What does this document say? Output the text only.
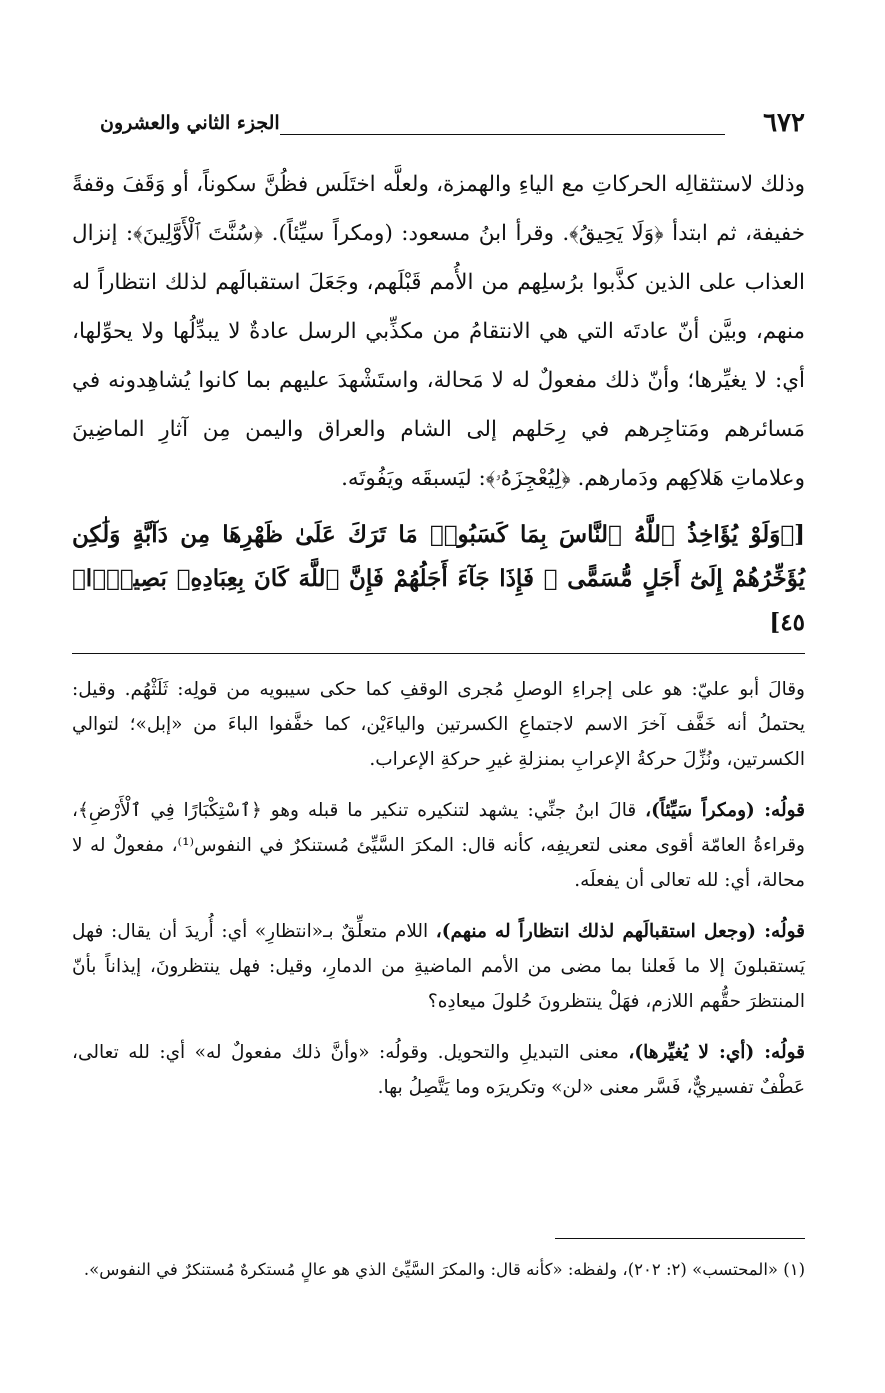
٦٧٢
الجزء الثاني والعشرون

وذلك لاستثقالِه الحركاتِ مع الياءِ والهمزة، ولعلَّه اختَلَس فظُنَّ سكوناً، أو وَقَفَ وقفةً خفيفة، ثم ابتدأ ﴿وَلَا يَحِيقُ﴾. وقرأ ابنُ مسعود: (ومكراً سيِّئاً). ﴿سُنَّتَ ٱلْأَوَّلِينَ﴾: إنزال العذاب على الذين كذَّبوا برُسلِهم من الأُمم قَبْلَهم، وجَعَلَ استقبالَهم لذلك انتظاراً له منهم، وبيَّن أنّ عادتَه التي هي الانتقامُ من مكذِّبي الرسل عادةٌ لا يبدِّلُها ولا يحوِّلها، أي: لا يغيِّرها؛ وأنّ ذلك مفعولٌ له لا مَحالة، واستَشْهدَ عليهم بما كانوا يُشاهِدونه في مَسائرهم ومَتاجِرهم في رِحَلهم إلى الشام والعراق واليمن مِن آثارِ الماضِينَ وعلاماتِ هَلاكِهم ودَمارهم. ﴿لِيُعْجِزَهُۥ﴾: ليَسبقَه ويَفُوتَه.

[﴿وَلَوْ يُؤَاخِذُ ٱللَّهُ ٱلنَّاسَ بِمَا كَسَبُوا۟ مَا تَرَكَ عَلَىٰ ظَهْرِهَا مِن دَآبَّةٍ وَلَٰكِن يُؤَخِّرُهُمْ إِلَىٰٓ أَجَلٍ مُّسَمًّى ۖ فَإِذَا جَآءَ أَجَلُهُمْ فَإِنَّ ٱللَّهَ كَانَ بِعِبَادِهِۦ بَصِيرًۢا﴾ ٤٥]

وقالَ أبو عليّ: هو على إجراءِ الوصلِ مُجرى الوقفِ كما حكى سيبويه من قولِه: ثَلَثْهُم. وقيل: يحتملُ أنه خَفَّف آخرَ الاسم لاجتماعِ الكسرتين والياءَيْن، كما خفَّفوا الباءَ من «إبل»؛ لتوالي الكسرتين، ونُزِّلَ حركةُ الإعرابِ بمنزلةِ غيرِ حركةِ الإعراب.

قولُه: (ومكراً سَيِّئاً)، قالَ ابنُ جنِّي: يشهد لتنكيره تنكير ما قبله وهو ﴿ٱسْتِكْبَارًا فِي ٱلْأَرْضِ﴾، وقراءةُ العامّة أقوى معنى لتعريفِه، كأنه قال: المكرَ السَّيِّئ مُستنكرٌ في النفوس⁽¹⁾، مفعولٌ له لا محالة، أي: لله تعالى أن يفعلَه.

قولُه: (وجعل استقبالَهم لذلك انتظاراً له منهم)، اللام متعلِّقٌ بـ«انتظارِ» أي: أُريدَ أن يقال: فهل يَستقبلونَ إلا ما فَعلنا بما مضى من الأمم الماضيةِ من الدمارِ، وقيل: فهل ينتظرونَ، إيذاناً بأنّ المنتظرَ حقُّهم اللازم، فهَلْ ينتظرونَ حُلولَ ميعادِه؟

قولُه: (أي: لا يُغيِّرها)، معنى التبديلِ والتحويل. وقولُه: «وأنَّ ذلك مفعولٌ له» أي: لله تعالى، عَطْفٌ تفسيريٌّ، فَسَّر معنى «لن» وتكريرَه وما يَتَّصِلُ بها.

(١) «المحتسب» (٢: ٢٠٢)، ولفظه: «كأنه قال: والمكرَ السَّيِّئ الذي هو عالٍ مُستكرهٌ مُستنكرٌ في النفوس».
